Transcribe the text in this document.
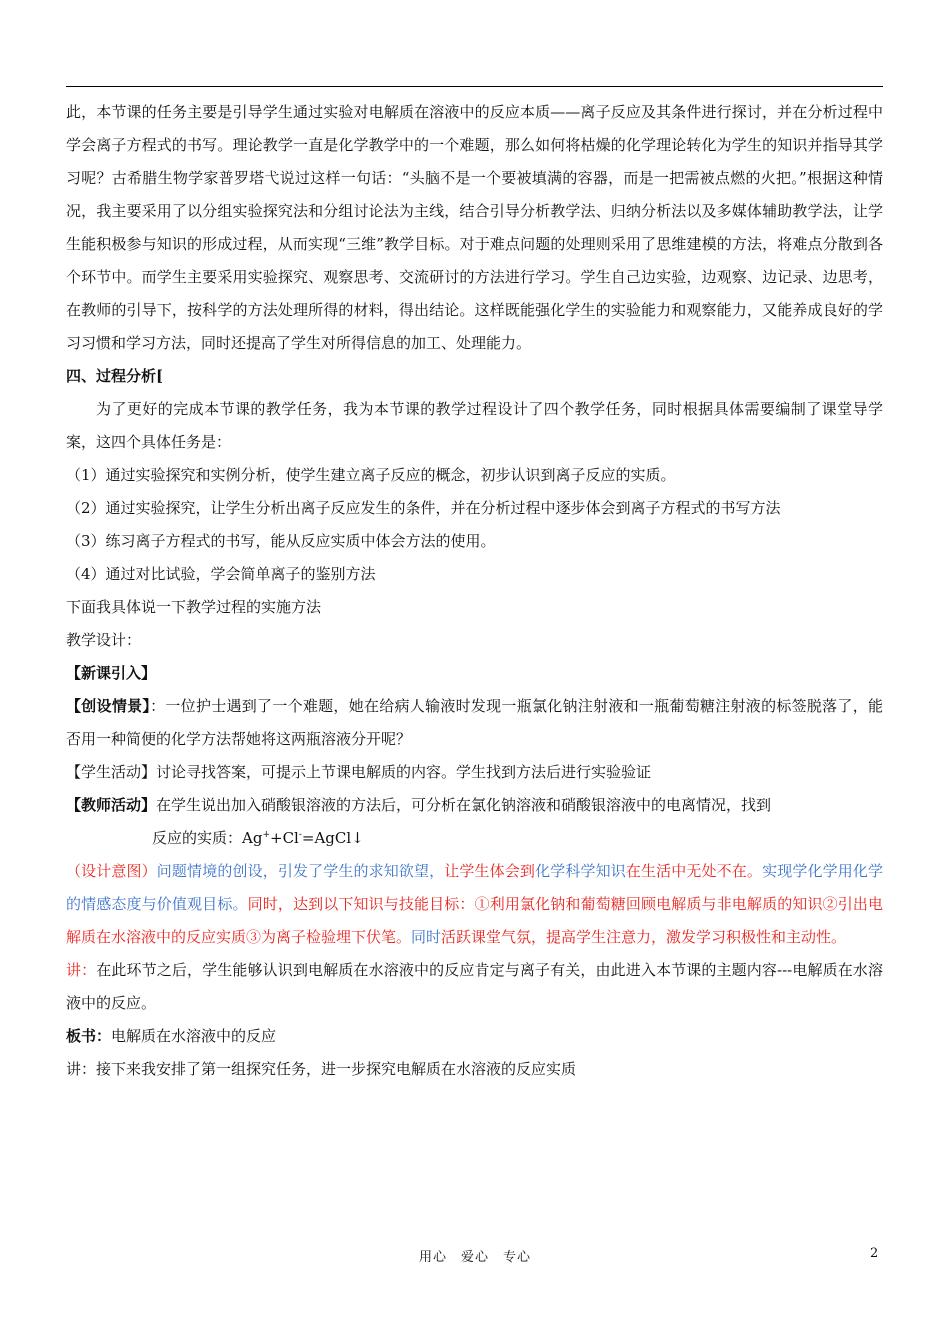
此，本节课的任务主要是引导学生通过实验对电解质在溶液中的反应本质——离子反应及其条件进行探讨，并在分析过程中学会离子方程式的书写。理论教学一直是化学教学中的一个难题，那么如何将枯燥的化学理论转化为学生的知识并指导其学习呢？古希腊生物学家普罗塔弋说过这样一句话：“头脑不是一个要被填满的容器，而是一把需被点燃的火把。”根据这种情况，我主要采用了以分组实验探究法和分组讨论法为主线，结合引导分析教学法、归纳分析法以及多媒体辅助教学法，让学生能积极参与知识的形成过程，从而实现“三维”教学目标。对于难点问题的处理则采用了思维建模的方法，将难点分散到各个环节中。而学生主要采用实验探究、观察思考、交流研讨的方法进行学习。学生自己边实验，边观察、边记录、边思考，在教师的引导下，按科学的方法处理所得的材料，得出结论。这样既能强化学生的实验能力和观察能力，又能养成良好的学习习惯和学习方法，同时还提高了学生对所得信息的加工、处理能力。

四、过程分析[

为了更好的完成本节课的教学任务，我为本节课的教学过程设计了四个教学任务，同时根据具体需要编制了课堂导学案，这四个具体任务是：

（1）通过实验探究和实例分析，使学生建立离子反应的概念，初步认识到离子反应的实质。

（2）通过实验探究，让学生分析出离子反应发生的条件，并在分析过程中逐步体会到离子方程式的书写方法

（3）练习离子方程式的书写，能从反应实质中体会方法的使用。

（4）通过对比试验，学会简单离子的鉴别方法

下面我具体说一下教学过程的实施方法

教学设计：

【新课引入】

【创设情景】：一位护士遇到了一个难题，她在给病人输液时发现一瓶氯化钠注射液和一瓶葡萄糖注射液的标签脱落了，能否用一种简便的化学方法帮她将这两瓶溶液分开呢？

【学生活动】讨论寻找答案，可提示上节课电解质的内容。学生找到方法后进行实验验证

【教师活动】在学生说出加入硝酸银溶液的方法后，可分析在氯化钠溶液和硝酸银溶液中的电离情况，找到

反应的实质：Ag++Cl-=AgCl↓

（设计意图）问题情境的创设，引发了学生的求知欲望，让学生体会到化学科学知识在生活中无处不在。实现学化学用化学的情感态度与价值观目标。同时，达到以下知识与技能目标：①利用氯化钠和葡萄糖回顾电解质与非电解质的知识②引出电解质在水溶液中的反应实质③为离子检验埋下伏笔。同时活跃课堂气氛，提高学生注意力，激发学习积极性和主动性。

讲：在此环节之后，学生能够认识到电解质在水溶液中的反应肯定与离子有关，由此进入本节课的主题内容---电解质在水溶液中的反应。

板书：电解质在水溶液中的反应

讲：接下来我安排了第一组探究任务，进一步探究电解质在水溶液的反应实质

用心　爱心　专心	2
